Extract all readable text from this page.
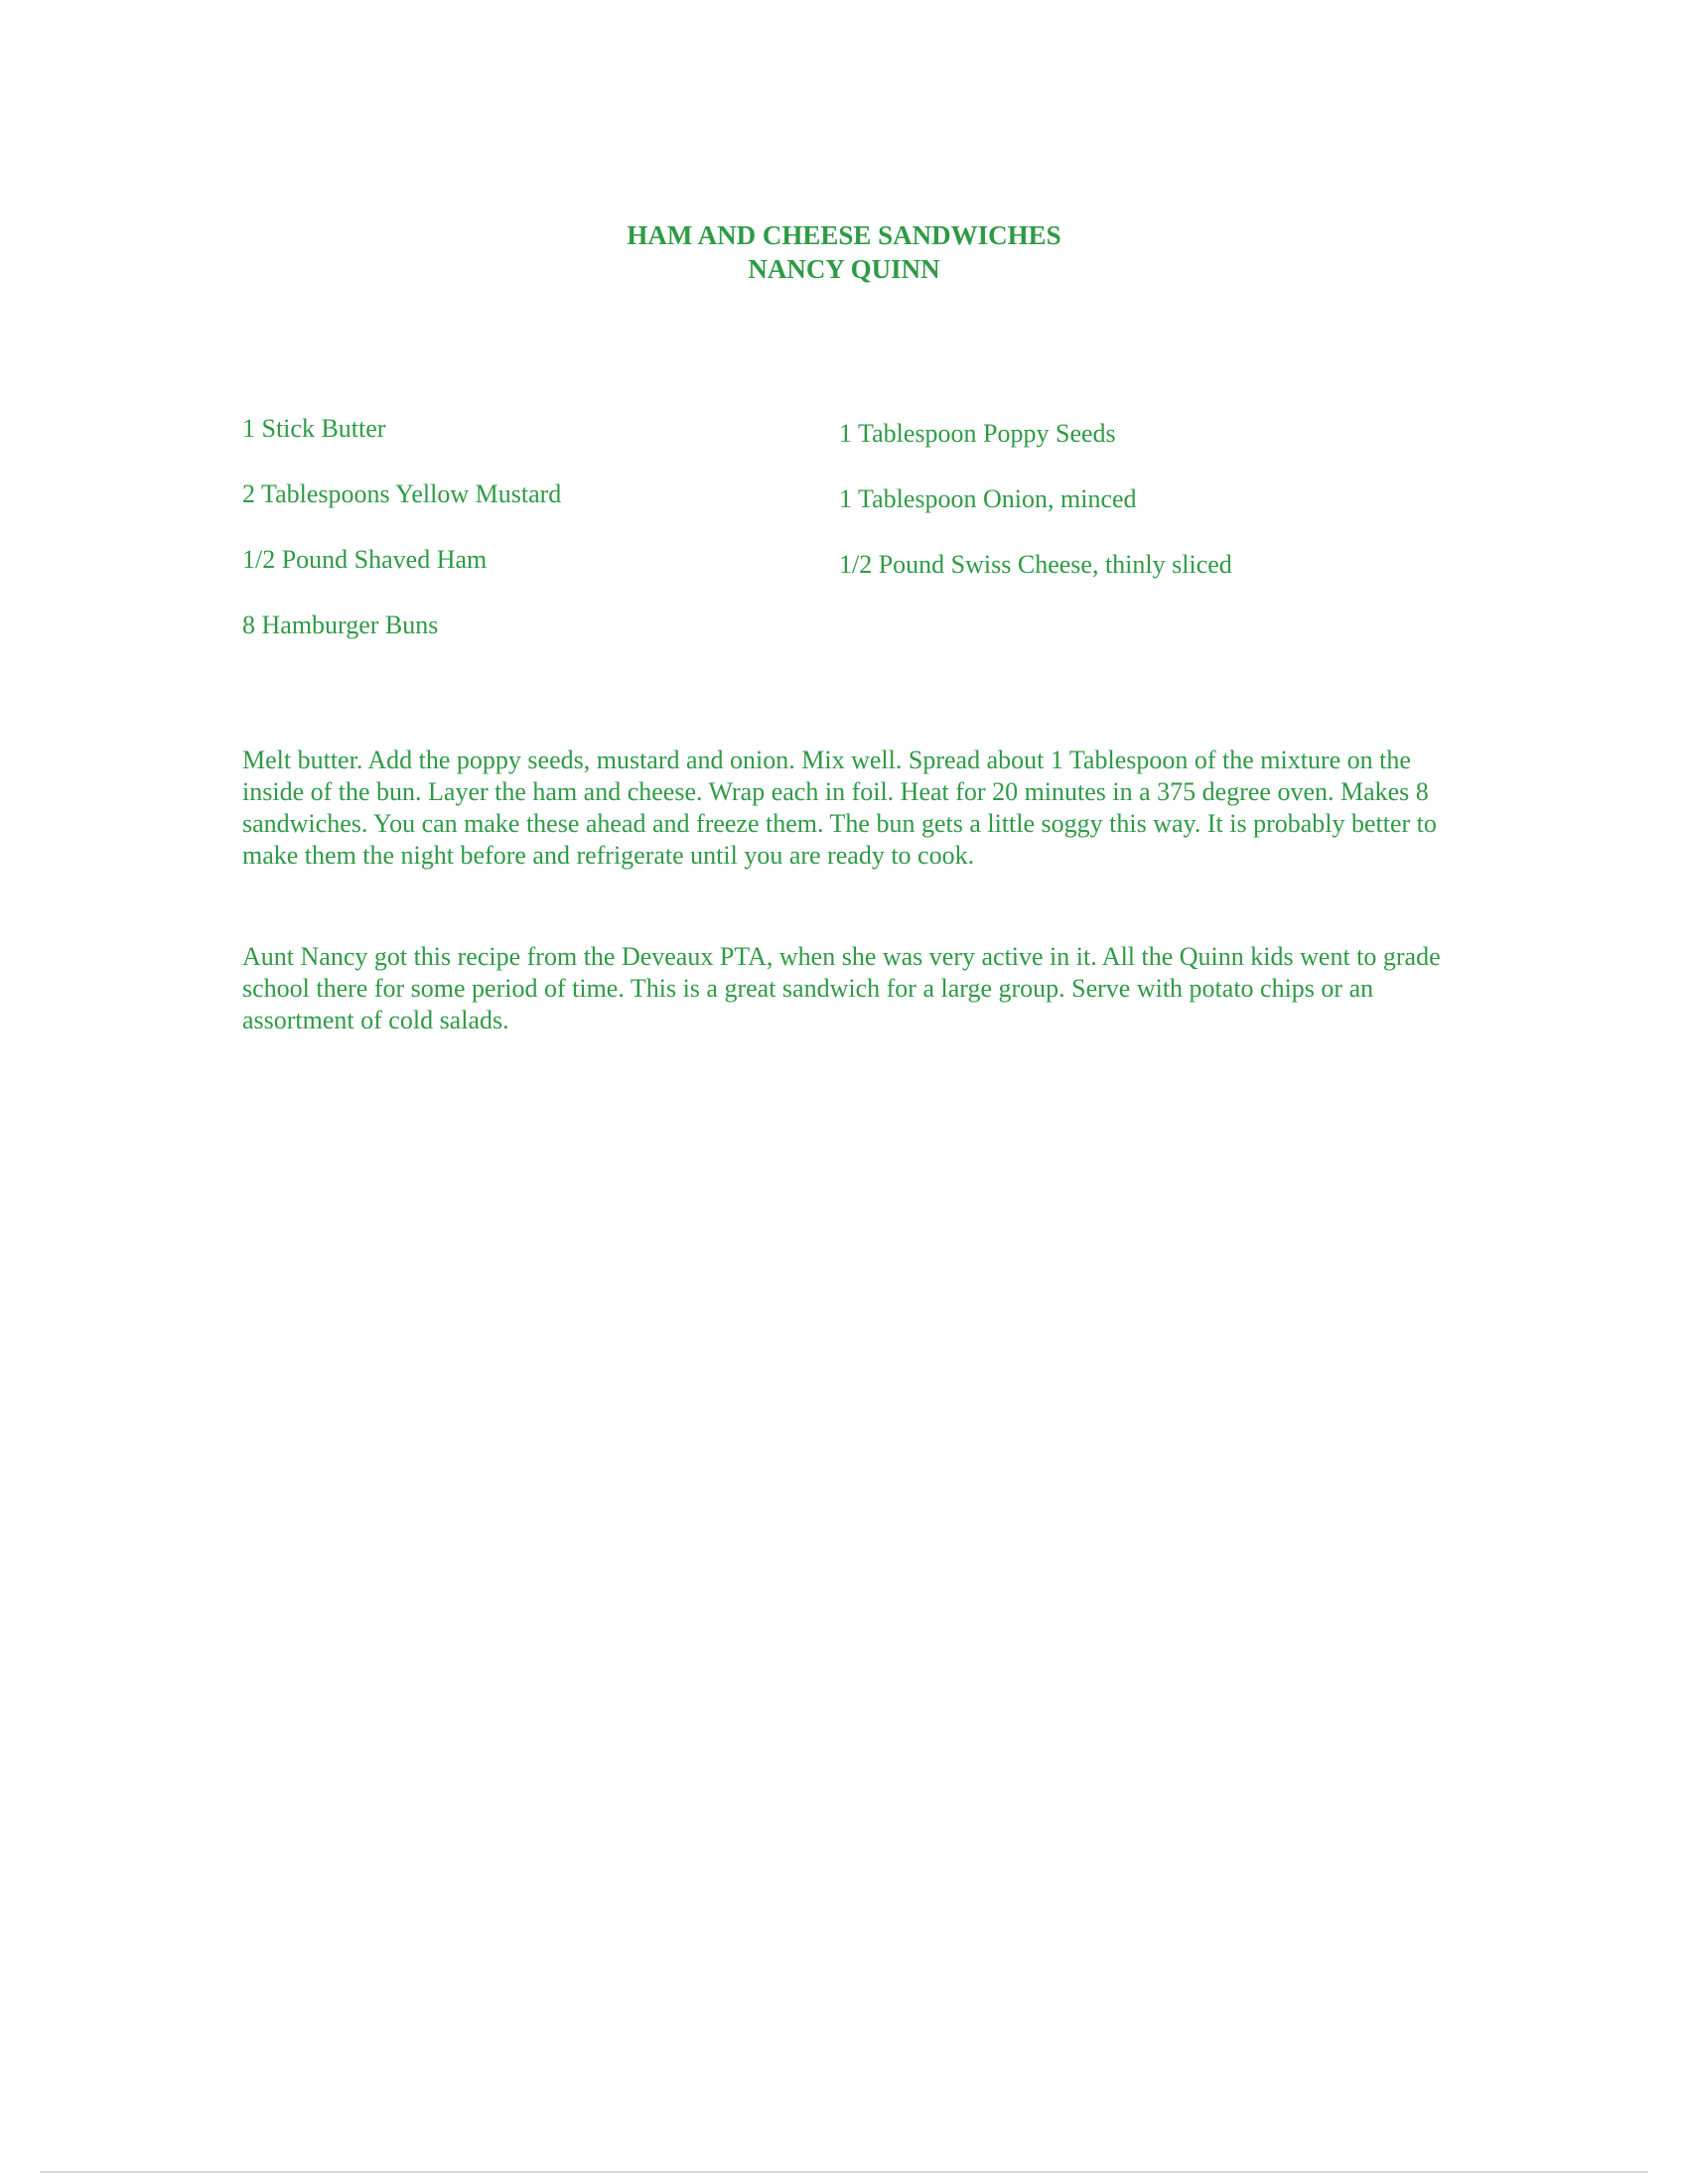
HAM AND CHEESE SANDWICHES
NANCY QUINN
1 Stick Butter
2 Tablespoons Yellow Mustard
1/2 Pound Shaved Ham
8 Hamburger Buns
1 Tablespoon Poppy Seeds
1 Tablespoon Onion, minced
1/2 Pound Swiss Cheese, thinly sliced

Melt butter. Add the poppy seeds, mustard and onion. Mix well. Spread about 1 Tablespoon of the mixture on the inside of the bun. Layer the ham and cheese. Wrap each in foil. Heat for 20 minutes in a 375 degree oven. Makes 8 sandwiches. You can make these ahead and freeze them. The bun gets a little soggy this way. It is probably better to make them the night before and refrigerate until you are ready to cook.

Aunt Nancy got this recipe from the Deveaux PTA, when she was very active in it. All the Quinn kids went to grade school there for some period of time. This is a great sandwich for a large group. Serve with potato chips or an assortment of cold salads.
